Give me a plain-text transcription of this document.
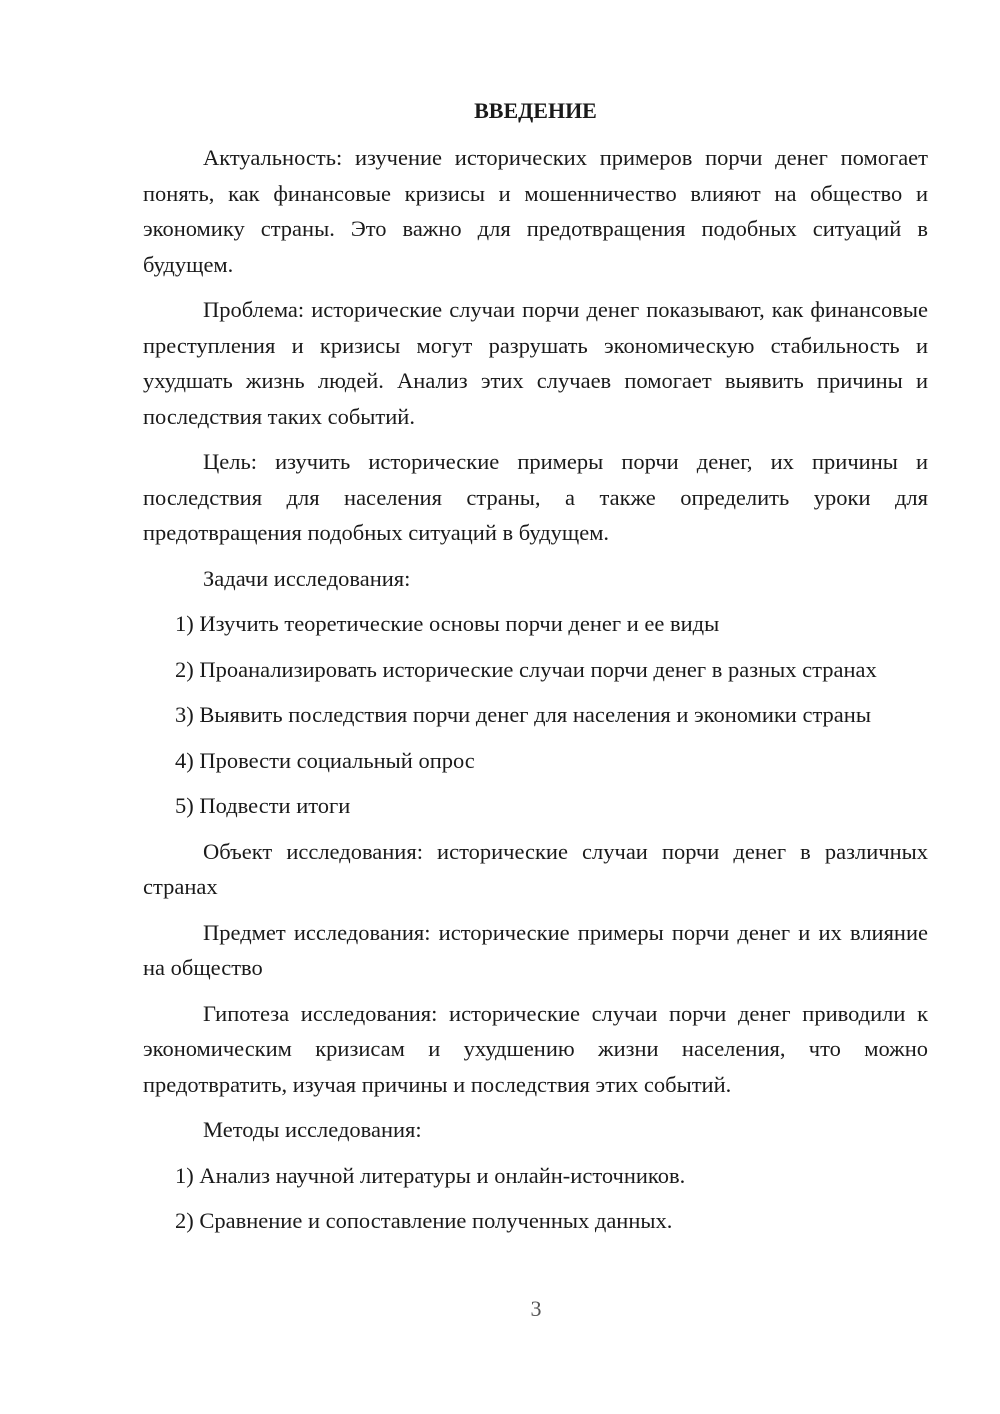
ВВЕДЕНИЕ

Актуальность: изучение исторических примеров порчи денег помогает понять, как финансовые кризисы и мошенничество влияют на общество и экономику страны. Это важно для предотвращения подобных ситуаций в будущем.

Проблема: исторические случаи порчи денег показывают, как финансовые преступления и кризисы могут разрушать экономическую стабильность и ухудшать жизнь людей. Анализ этих случаев помогает выявить причины и последствия таких событий.

Цель: изучить исторические примеры порчи денег, их причины и последствия для населения страны, а также определить уроки для предотвращения подобных ситуаций в будущем.

Задачи исследования:

1) Изучить теоретические основы порчи денег и ее виды

2) Проанализировать исторические случаи порчи денег в разных странах

3) Выявить последствия порчи денег для населения и экономики страны

4) Провести социальный опрос

5) Подвести итоги

Объект исследования: исторические случаи порчи денег в различных странах

Предмет исследования: исторические примеры порчи денег и их влияние на общество

Гипотеза исследования: исторические случаи порчи денег приводили к экономическим кризисам и ухудшению жизни населения, что можно предотвратить, изучая причины и последствия этих событий.

Методы исследования:

1) Анализ научной литературы и онлайн-источников.

2) Сравнение и сопоставление полученных данных.

3
